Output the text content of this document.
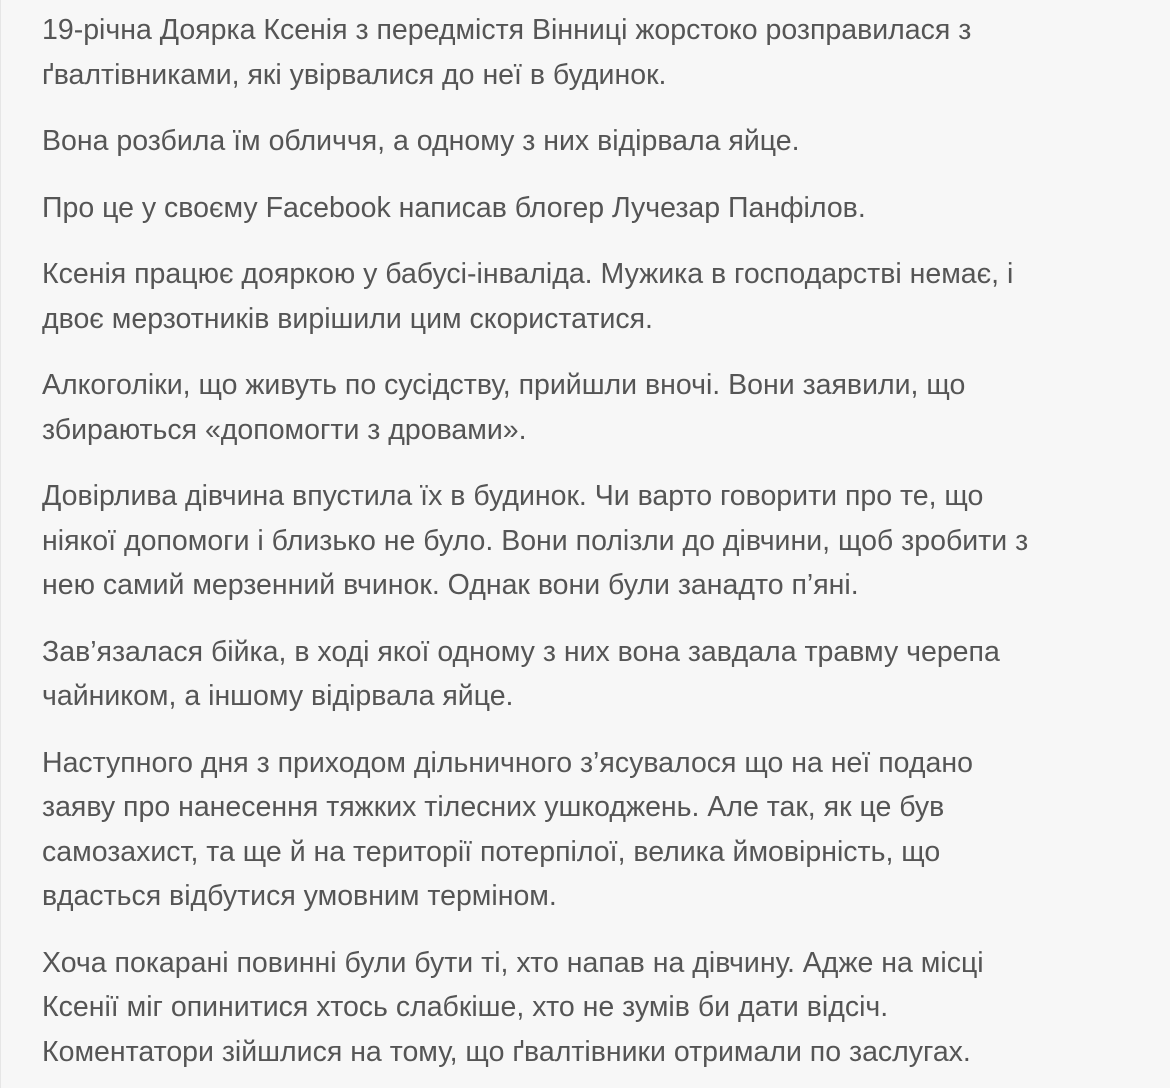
19-річна Доярка Ксенія з передмістя Вінниці жорстоко розправилася з
ґвалтівниками, які увірвалися до неї в будинок.

Вона розбила їм обличчя, а одному з них відірвала яйце.

Про це у своєму Facebook написав блогер Лучезар Панфілов.

Ксенія працює дояркою у бабусі-інваліда. Мужика в господарстві немає, і
двоє мерзотників вирішили цим скористатися.

Алкоголіки, що живуть по сусідству, прийшли вночі. Вони заявили, що
збираються «допомогти з дровами».

Довірлива дівчина впустила їх в будинок. Чи варто говорити про те, що
ніякої допомоги і близько не було. Вони полізли до дівчини, щоб зробити з
нею самий мерзенний вчинок. Однак вони були занадто п’яні.

Зав’язалася бійка, в ході якої одному з них вона завдала травму черепа
чайником, а іншому відірвала яйце.

Наступного дня з приходом дільничного з’ясувалося що на неї подано
заяву про нанесення тяжких тілесних ушкоджень. Але так, як це був
самозахист, та ще й на території потерпілої, велика ймовірність, що
вдасться відбутися умовним терміном.

Хоча покарані повинні були бути ті, хто напав на дівчину. Адже на місці
Ксенії міг опинитися хтось слабкіше, хто не зумів би дати відсіч.
Коментатори зійшлися на тому, що ґвалтівники отримали по заслугах.
